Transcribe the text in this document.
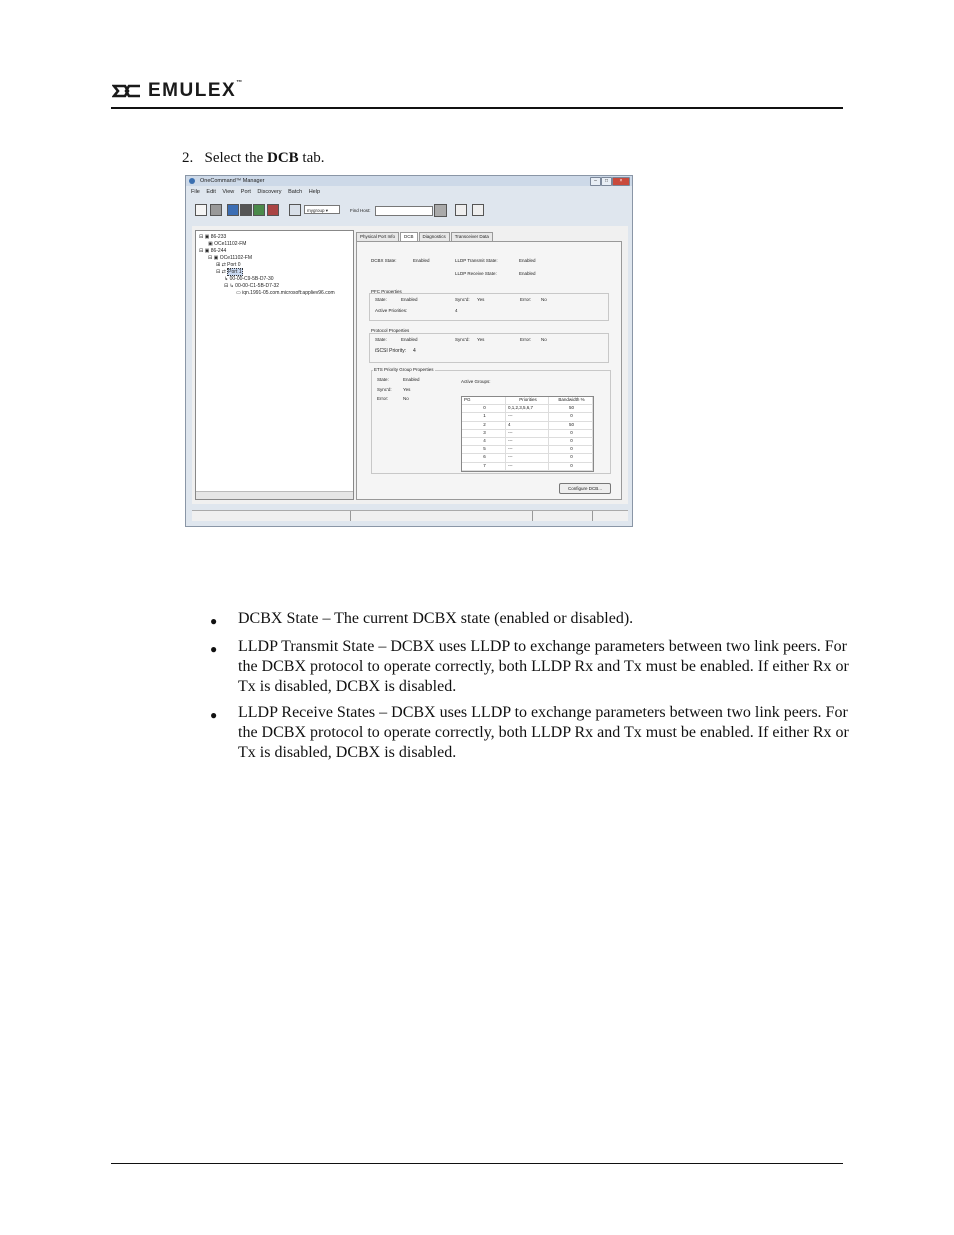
EMULEX™
2. Select the DCB tab.
OneCommand™ Manager	–	□	×
File Edit View Port Discovery Batch Help
mygroup ▾	Find Host:
⊟ ▣ 86-233
▣ OCe11102-FM
⊟ ▣ 86-244
⊟ ▣ OCe11102-FM
⊞ ⇄ Port 0
⊟ ⇄ Port 1
↳ 00-00-C9-5B-D7-30
⊟ ↳ 00-00-C1-5B-D7-32
▭ iqn.1991-05.com.microsoft:appliev96.com
Physical Port Info	DCB	Diagnostics	Transceiver Data
DCBX State:	Enabled	LLDP Transmit State:	Enabled
LLDP Receive State:	Enabled
PFC Properties
State:	Enabled	Sync'd: Yes	Error: No
Active Priorities:	4
Protocol Properties
State:	Enabled	Sync'd: Yes	Error: No
iSCSI Priority: 4
ETS Priority Group Properties
State:	Enabled
Sync'd:	Yes
Error:	No
Active Groups:
PG	Priorities	Bandwidth %
0	0,1,2,3,5,6,7	50
1	---	0
2	4	50
3	---	0
4	---	0
5	---	0
6	---	0
7	---	0
Configure DCB...
●	DCBX State – The current DCBX state (enabled or disabled).
●	LLDP Transmit State – DCBX uses LLDP to exchange parameters between two link peers. For the DCBX protocol to operate correctly, both LLDP Rx and Tx must be enabled. If either Rx or Tx is disabled, DCBX is disabled.
●	LLDP Receive States – DCBX uses LLDP to exchange parameters between two link peers. For the DCBX protocol to operate correctly, both LLDP Rx and Tx must be enabled. If either Rx or Tx is disabled, DCBX is disabled.
